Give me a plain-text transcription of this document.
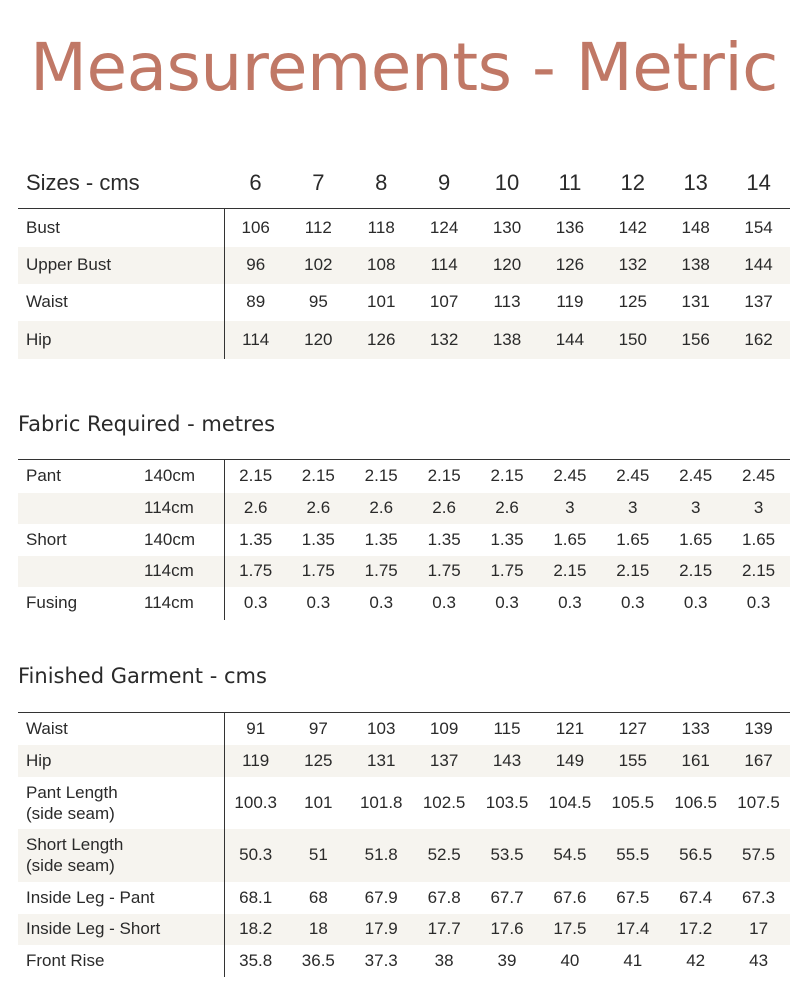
Measurements - Metric
Sizes - cms	6	7	8	9	10	11	12	13	14
Bust	106	112	118	124	130	136	142	148	154
Upper Bust	96	102	108	114	120	126	132	138	144
Waist	89	95	101	107	113	119	125	131	137
Hip	114	120	126	132	138	144	150	156	162
Fabric Required - metres
Pant	140cm	2.15	2.15	2.15	2.15	2.15	2.45	2.45	2.45	2.45
	114cm	2.6	2.6	2.6	2.6	2.6	3	3	3	3
Short	140cm	1.35	1.35	1.35	1.35	1.35	1.65	1.65	1.65	1.65
	114cm	1.75	1.75	1.75	1.75	1.75	2.15	2.15	2.15	2.15
Fusing	114cm	0.3	0.3	0.3	0.3	0.3	0.3	0.3	0.3	0.3
Finished Garment - cms
Waist	91	97	103	109	115	121	127	133	139
Hip	119	125	131	137	143	149	155	161	167

Pant Length
(side seam)	100.3	101	101.8	102.5	103.5	104.5	105.5	106.5	107.5

Short Length
(side seam)	50.3	51	51.8	52.5	53.5	54.5	55.5	56.5	57.5
Inside Leg - Pant	68.1	68	67.9	67.8	67.7	67.6	67.5	67.4	67.3
Inside Leg - Short	18.2	18	17.9	17.7	17.6	17.5	17.4	17.2	17
Front Rise	35.8	36.5	37.3	38	39	40	41	42	43
